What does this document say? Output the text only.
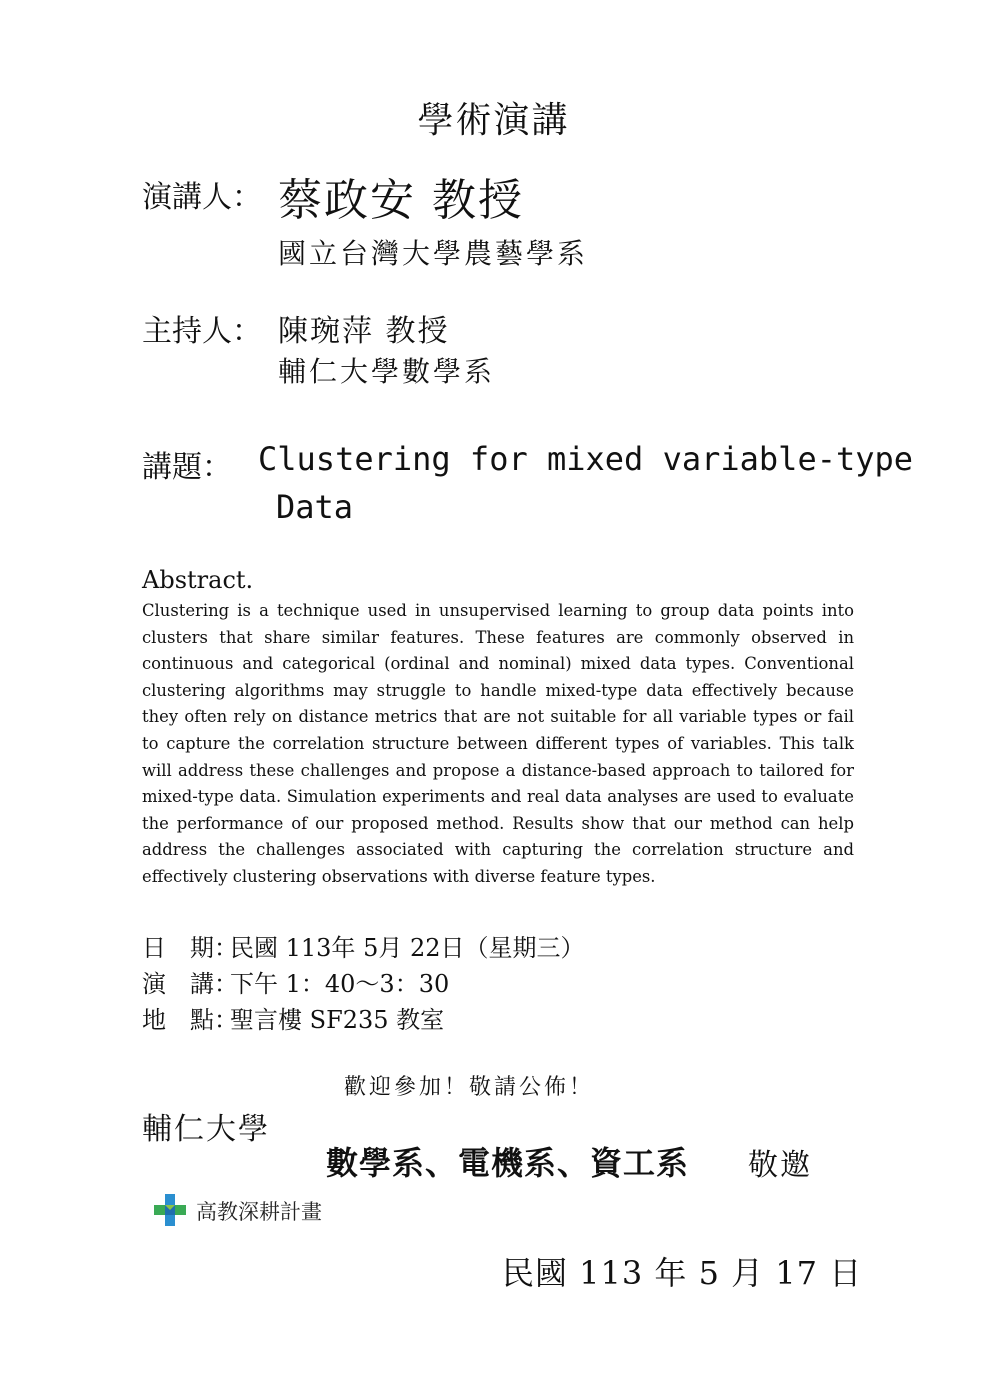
學術演講
演講人： 蔡政安 教授
國立台灣大學農藝學系
主持人： 陳琬萍 教授
輔仁大學數學系
講題： Clustering for mixed variable-type
Data
Abstract.
Clustering is a technique used in unsupervised learning to group data points into clusters that share similar features. These features are commonly observed in continuous and categorical (ordinal and nominal) mixed data types. Conventional clustering algorithms may struggle to handle mixed-type data effectively because they often rely on distance metrics that are not suitable for all variable types or fail to capture the correlation structure between different types of variables. This talk will address these challenges and propose a distance-based approach to tailored for mixed-type data. Simulation experiments and real data analyses are used to evaluate the performance of our proposed method. Results show that our method can help address the challenges associated with capturing the correlation structure and effectively clustering observations with diverse feature types.
日　期：民國 113年 5月 22日（星期三）
演　講：下午 1：40～3：30
地　點：聖言樓 SF235 教室
歡迎參加！敬請公佈！
輔仁大學
數學系、電機系、資工系 敬邀
高教深耕計畫
民國 113 年 5 月 17 日
